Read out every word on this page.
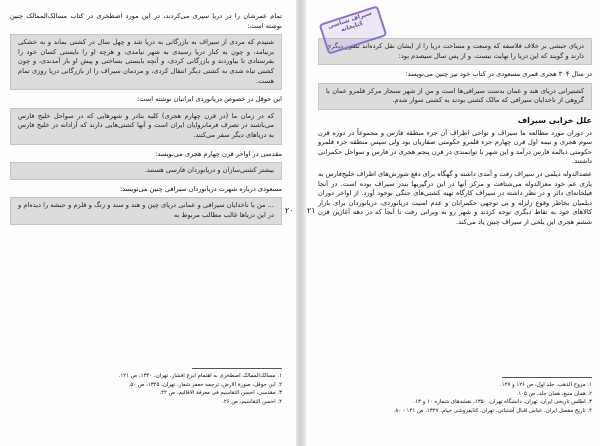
تمام عمرشان را در دریا سپری می‌کردند، در این مورد اصطخری در کتاب مسالک‌الممالک چنین نوشته است:

شنیدم که مردی از سیراف به بازرگانی به دریا شد و چهل سال در کشتی بماند و به خشکی برنیامد، و چون به کنار دریا رسیدی به شهر نیامدی، و هرچه او را بایستی کسان خود را بفرستادی تا بیاوردند و بازرگانی کردی، و آنچه بایستی بساختی و پیش او باز آمدندی، و چون کشتی تباه شدی به کشتی دیگر انتقال کردی، و مردمان سیراف را از بازرگانی دریا روزی تمام هست.

ابن حوقل در خصوص دریانوردی ایرانیان نوشته است:

که در زمان ما (در قرن چهارم هجری) کلیه بنادر و شهرهایی که در سواحل خلیج فارس می‌باشند در تصرف فرمانروایان ایران است و آنها کشتی‌هایی دارند که آزادانه در خلیج فارس به دریاهای دیگر سفر می‌کنند.

مقدسی در اواخر قرن چهارم هجری می‌نویسد:

بیشتر کشتی‌سازان و دریانوردان فارسی هستند.

مسعودی درباره شهرت دریانوردان سیرافی چنین می‌نویسد:

... من با ناخدایان سیرافی و عمانی دریای چین و هند و سند و زنگ و قلزم و حبشه را دیده‌ام و در این دریاها غالب مطالب مربوط به	۲۰
۱. مسالک‌الممالک اصطخری به اهتمام ایرج افشار، تهران، ۱۳۴۰، ص ۱۲۱.
۲. ابن حوقل، صورة الارض، ترجمه جعفر شعار، تهران، ۱۳۴۵، ص ۵۰.
۳. مقدسی، احسن التقاسیم فی معرفة الاقالیم، ص ۴۴.
۴. احسن التقاسیم، ص ۲۶.
دریای حبشی بر خلاف فلاسفه که وسعت و مساحت دریا را از ایشان نقل کرده‌اند تصور دیگری دارند و گویند که این دریا را نهایت نیست. و از پس سال سیصدم بود:

در سال ۳۰۴ هجری قمری مسعودی در کتاب خود نیز چنین می‌نویسد:

کشتیرانی دریای هند و عمان بدست سیرافی‌ها است و من از شهر سنجار مرکز قلمرو عمان با گروهی از ناخدایان سیرافی که مالک کشتی بودند به کشتی سوار شدم.
علل خرابی سیراف

در دوران مورد مطالعه ما سیراف و نواحی اطراف آن جزء منطقه فارس و مجموعاً در دوره قرن سوم هجری و نیمه اول قرن چهارم جزء قلمرو حکومتی صفاریان بود ولی سپس منطقه جزء قلمرو حکومتی دیالمه فارس درآمد و این شهر با توانمندی در قرن پنجم هجری در فارس و سواحل حکمرانی داشتند.

عضدالدوله دیلمی در سیراف رفت و آمدی داشته و گهگاه برای دفع شورش‌های اطراف خلیج‌فارس به یاری عم خود معزالدوله می‌شتافت و مرکز آنها در این درگیریها بندر سیراف بوده است. در آنجا فیلخانه‌ای دائر و در نظر داشته در سیراف کارگاه تهیه کشتی‌های جنگی بوجود آورد. از اواخر دوران دیلمیان بخاطر وقوع زلزله و بی توجهی حکمرانان و عدم امنیت دریانوردی، دریانوردان برای بازار کالاهای خود به نقاط دیگری توجه کردند و شهر رو به ویرانی رفت تا آنجا که در دهه آغازین قرن ششم هجری این بلخی از سیراف چنین یاد می‌کند.

سیراف شناسی کتابخانه
۲۱
۱. مروج الذهب، جلد اول، ص ۱۲۶ و ۱۲۷.
۲. همان منبع، همان جلد، ص ۱۰۵.
۳. اطلس تاریخی ایران، تهران، دانشگاه تهران، ۱۳۵۰، نقشه‌های شماره ۱۰ و ۱۳.
۴. تاریخ مفصل ایران، عباس اقبال آشتیانی، تهران، کتابفروشی خیام، ۱۳۴۷، ص ۱۴۱ - ۸۰.
